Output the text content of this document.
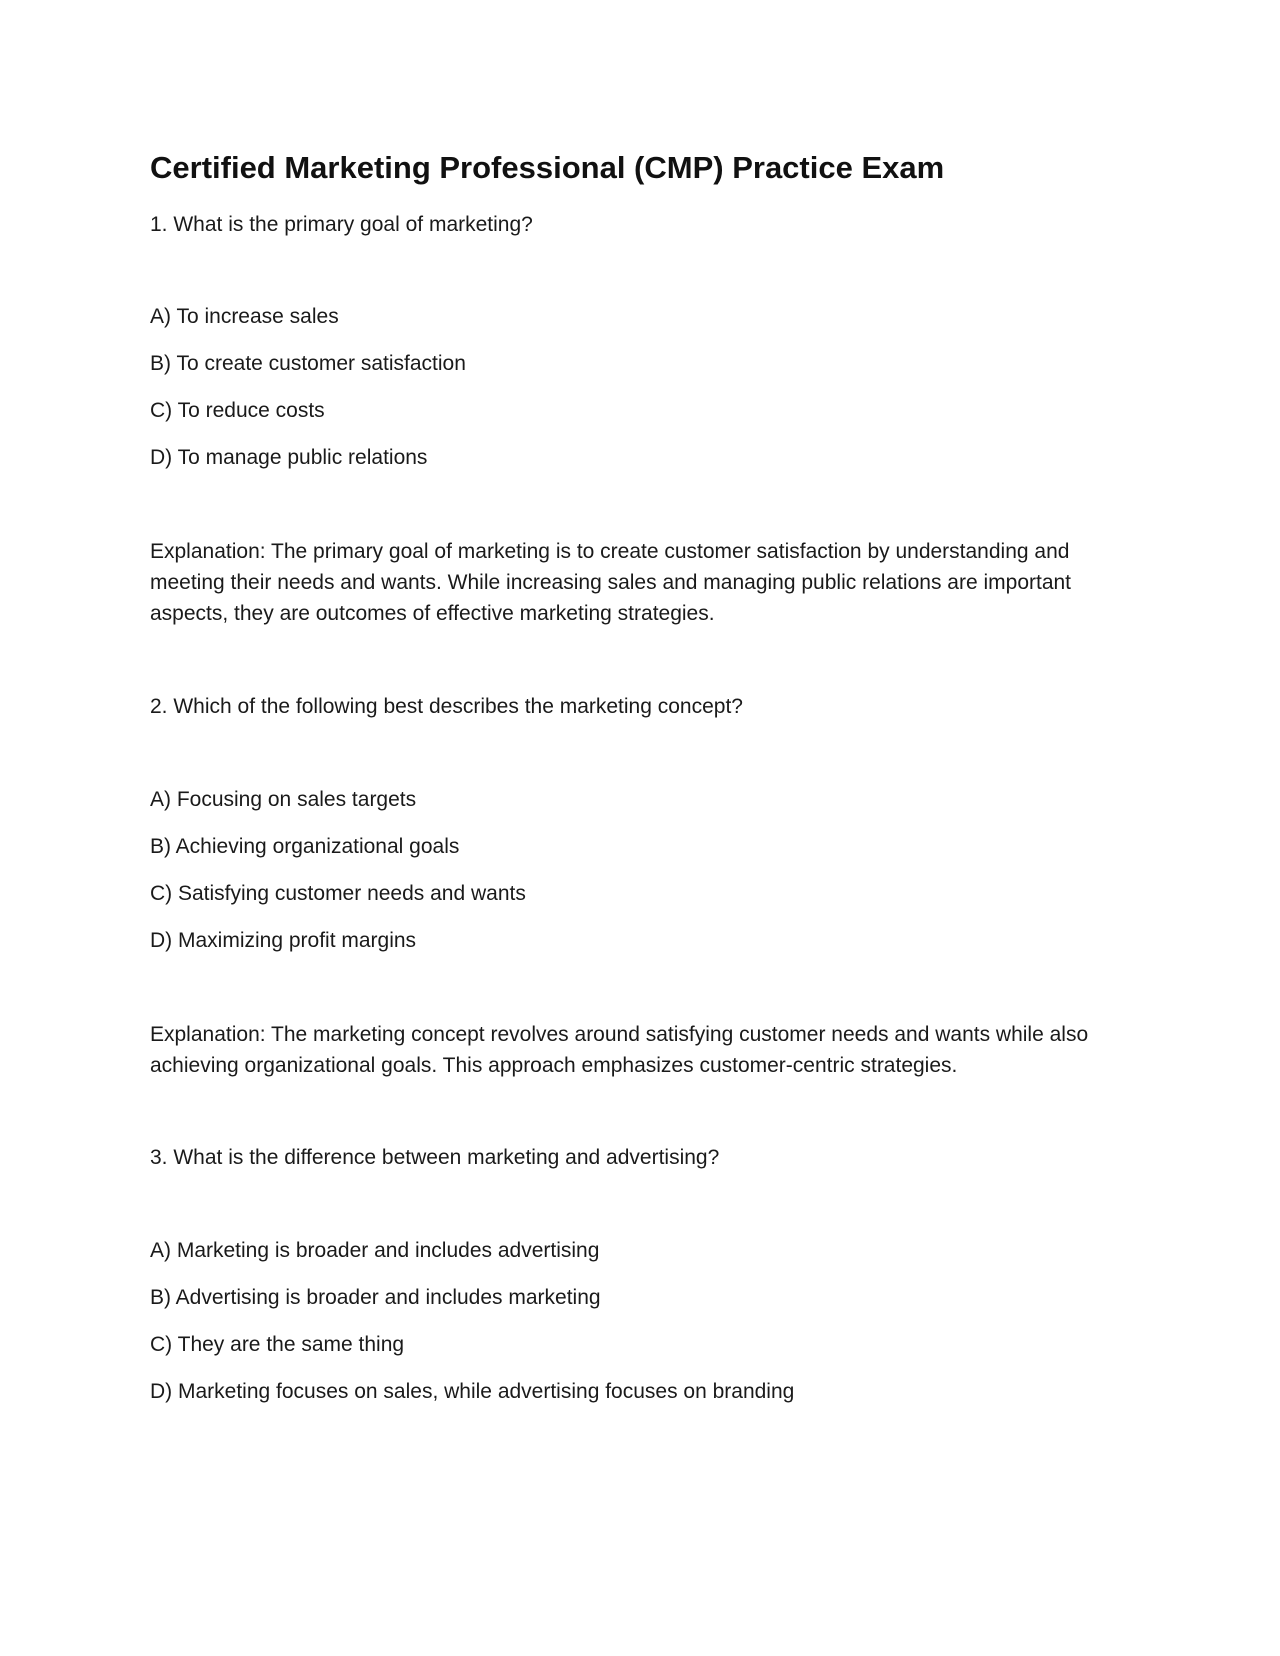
Certified Marketing Professional (CMP) Practice Exam
1. What is the primary goal of marketing?
A) To increase sales
B) To create customer satisfaction
C) To reduce costs
D) To manage public relations
Explanation: The primary goal of marketing is to create customer satisfaction by understanding and meeting their needs and wants. While increasing sales and managing public relations are important aspects, they are outcomes of effective marketing strategies.
2. Which of the following best describes the marketing concept?
A) Focusing on sales targets
B) Achieving organizational goals
C) Satisfying customer needs and wants
D) Maximizing profit margins
Explanation: The marketing concept revolves around satisfying customer needs and wants while also achieving organizational goals. This approach emphasizes customer-centric strategies.
3. What is the difference between marketing and advertising?
A) Marketing is broader and includes advertising
B) Advertising is broader and includes marketing
C) They are the same thing
D) Marketing focuses on sales, while advertising focuses on branding
